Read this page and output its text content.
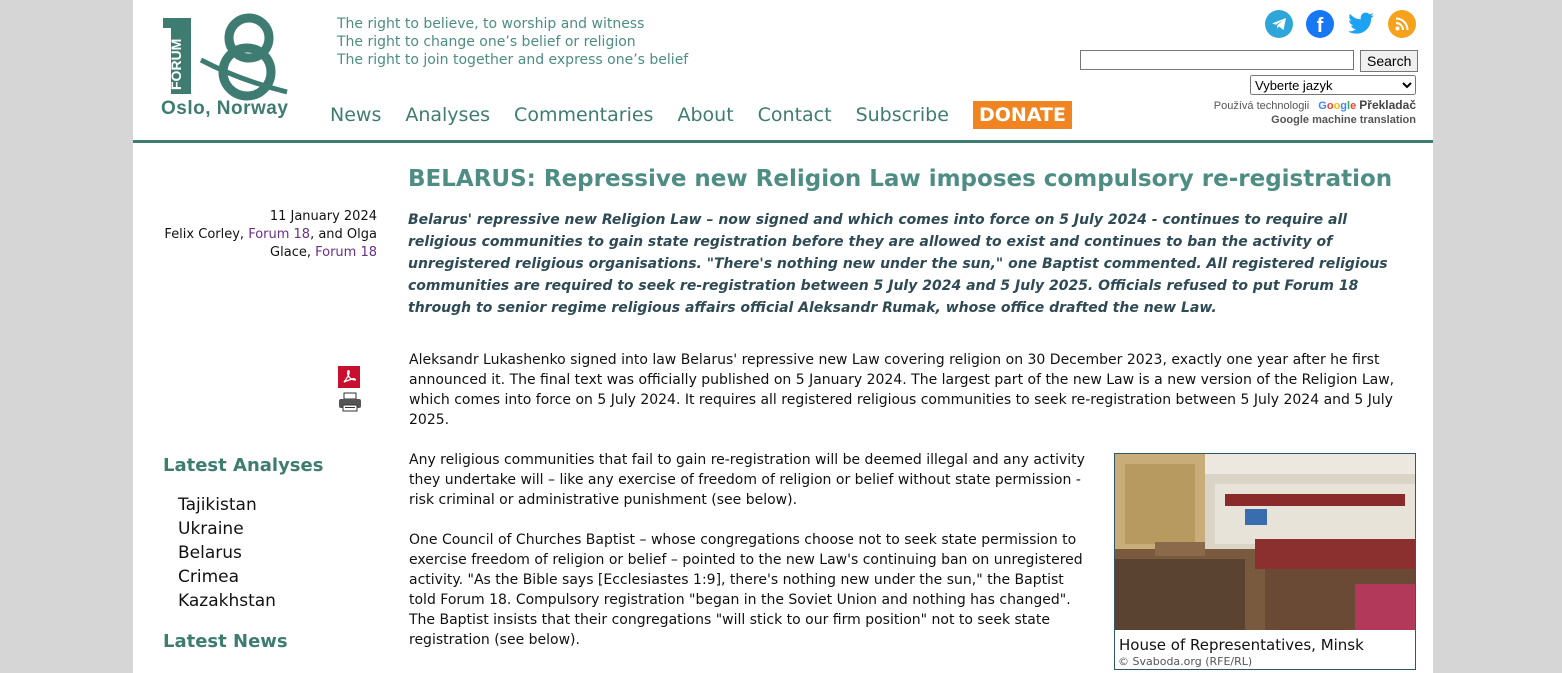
FORUM
Oslo, Norway
The right to believe, to worship and witness
The right to change one’s belief or religion
The right to join together and express one’s belief
News Analyses Commentaries About Contact Subscribe	DONATE
f
Search
Vyberte jazyk
Používá technologii Google Překladač
Google machine translation
11 January 2024
Felix Corley, Forum 18, and Olga Glace, Forum 18
Latest Analyses
Tajikistan
Ukraine
Belarus
Crimea
Kazakhstan
Latest News
BELARUS: Repressive new Religion Law imposes compulsory re-registration
Belarus' repressive new Religion Law – now signed and which comes into force on 5 July 2024 - continues to require all religious communities to gain state registration before they are allowed to exist and continues to ban the activity of unregistered religious organisations. "There's nothing new under the sun," one Baptist commented. All registered religious communities are required to seek re-registration between 5 July 2024 and 5 July 2025. Officials refused to put Forum 18 through to senior regime religious affairs official Aleksandr Rumak, whose office drafted the new Law.
Aleksandr Lukashenko signed into law Belarus' repressive new Law covering religion on 30 December 2023, exactly one year after he first announced it. The final text was officially published on 5 January 2024. The largest part of the new Law is a new version of the Religion Law, which comes into force on 5 July 2024. It requires all registered religious communities to seek re-registration between 5 July 2024 and 5 July 2025.
Any religious communities that fail to gain re-registration will be deemed illegal and any activity they undertake will – like any exercise of freedom of religion or belief without state permission - risk criminal or administrative punishment (see below).
One Council of Churches Baptist – whose congregations choose not to seek state permission to exercise freedom of religion or belief – pointed to the new Law's continuing ban on unregistered activity. "As the Bible says [Ecclesiastes 1:9], there's nothing new under the sun," the Baptist told Forum 18. Compulsory registration "began in the Soviet Union and nothing has changed". The Baptist insists that their congregations "will stick to our firm position" not to seek state registration (see below).	House of Representatives, Minsk
© Svaboda.org (RFE/RL)
